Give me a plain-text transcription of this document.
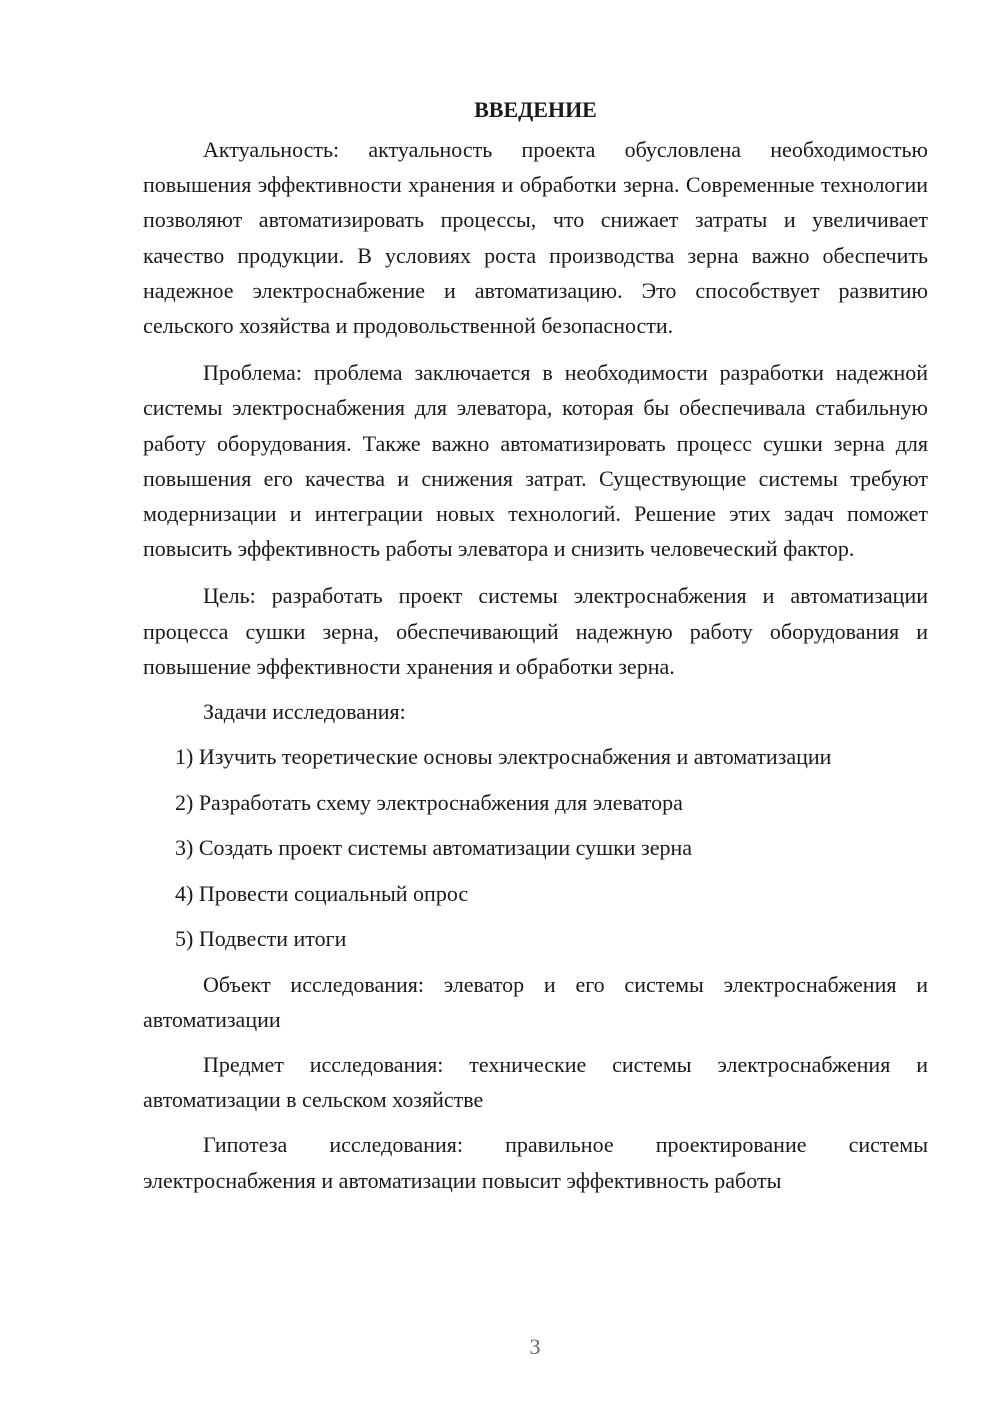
ВВЕДЕНИЕ

Актуальность: актуальность проекта обусловлена необходимостью повышения эффективности хранения и обработки зерна. Современные технологии позволяют автоматизировать процессы, что снижает затраты и увеличивает качество продукции. В условиях роста производства зерна важно обеспечить надежное электроснабжение и автоматизацию. Это способствует развитию сельского хозяйства и продовольственной безопасности.

Проблема: проблема заключается в необходимости разработки надежной системы электроснабжения для элеватора, которая бы обеспечивала стабильную работу оборудования. Также важно автоматизировать процесс сушки зерна для повышения его качества и снижения затрат. Существующие системы требуют модернизации и интеграции новых технологий. Решение этих задач поможет повысить эффективность работы элеватора и снизить человеческий фактор.

Цель: разработать проект системы электроснабжения и автоматизации процесса сушки зерна, обеспечивающий надежную работу оборудования и повышение эффективности хранения и обработки зерна.

Задачи исследования:

1) Изучить теоретические основы электроснабжения и автоматизации
2) Разработать схему электроснабжения для элеватора
3) Создать проект системы автоматизации сушки зерна
4) Провести социальный опрос
5) Подвести итоги

Объект исследования: элеватор и его системы электроснабжения и автоматизации

Предмет исследования: технические системы электроснабжения и автоматизации в сельском хозяйстве

Гипотеза исследования: правильное проектирование системы электроснабжения и автоматизации повысит эффективность работы

3
